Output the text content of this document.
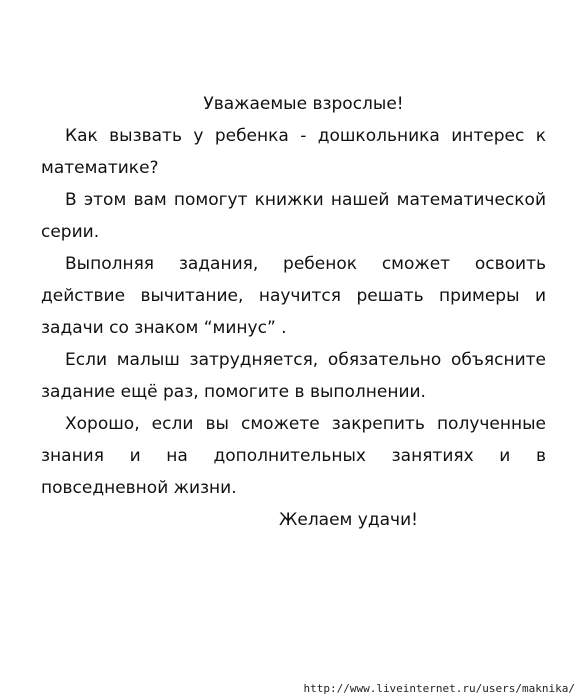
Уважаемые взрослые!

Как вызвать у ребенка - дошкольника интерес к математике?

В этом вам помогут книжки нашей математической серии.

Выполняя задания, ребенок сможет освоить действие вычитание, научится решать примеры и задачи со знаком “минус” .

Если малыш затрудняется, обязательно объясните задание ещё раз, помогите в выполнении.

Хорошо, если вы сможете закрепить полученные знания и на дополнительных занятиях и в повседневной жизни.

Желаем удачи!

http://www.liveinternet.ru/users/maknika/
